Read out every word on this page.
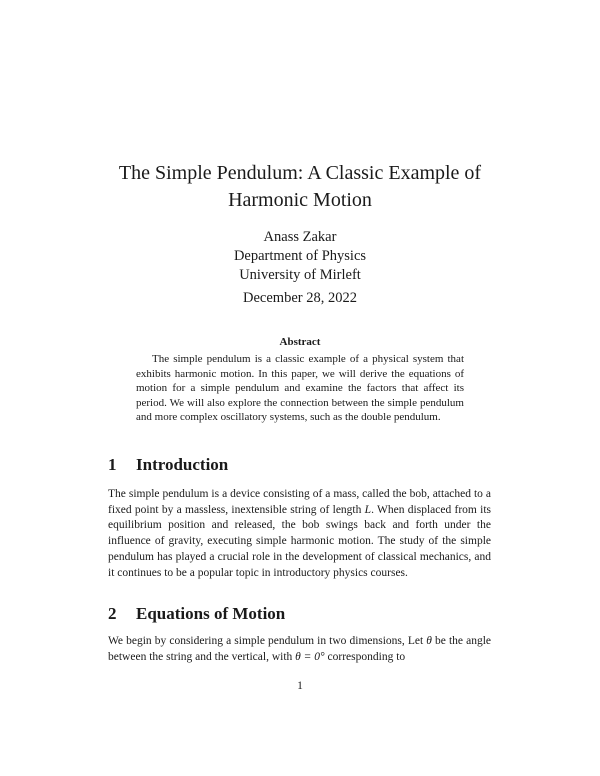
The Simple Pendulum: A Classic Example of
Harmonic Motion
Anass Zakar
Department of Physics
University of Mirleft
December 28, 2022
Abstract
The simple pendulum is a classic example of a physical system that exhibits harmonic motion. In this paper, we will derive the equations of motion for a simple pendulum and examine the factors that affect its period. We will also explore the connection between the simple pendulum and more complex oscillatory systems, such as the double pendulum.
1 Introduction
The simple pendulum is a device consisting of a mass, called the bob, attached to a fixed point by a massless, inextensible string of length L. When displaced from its equilibrium position and released, the bob swings back and forth under the influence of gravity, executing simple harmonic motion. The study of the simple pendulum has played a crucial role in the development of classical mechanics, and it continues to be a popular topic in introductory physics courses.
2 Equations of Motion
We begin by considering a simple pendulum in two dimensions, Let θ be the angle between the string and the vertical, with θ = 0° corresponding to
1
